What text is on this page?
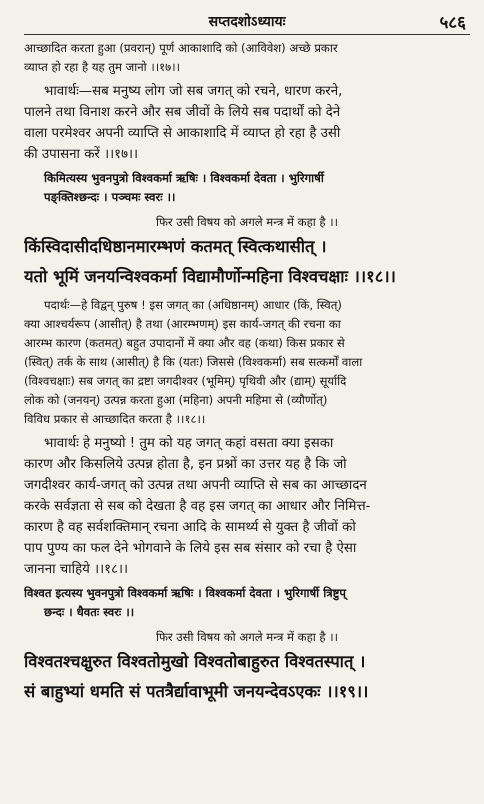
सप्तदशोऽध्यायः	५८६
आच्छादित करता हुआ (प्रवरान्) पूर्ण आकाशादि को (आविवेश) अच्छे प्रकार
व्याप्त हो रहा है यह तुम जानो ।।१७।।
भावार्थः—सब मनुष्य लोग जो सब जगत् को रचने, धारण करने,
पालने तथा विनाश करने और सब जीवों के लिये सब पदार्थों को देने
वाला परमेश्वर अपनी व्याप्ति से आकाशादि में व्याप्त हो रहा है उसी
की उपासना करें ।।१७।।
किमित्यस्य भुवनपुत्रो विश्वकर्मा ऋषिः । विश्वकर्मा देवता । भुरिगार्षी
पङ्क्तिश्छन्दः । पञ्चमः स्वरः ।।
फिर उसी विषय को अगले मन्त्र में कहा है ।।
किंस्विदासीदधिष्ठानमारम्भणं कतमत् स्वित्कथासीत् ।
यतो भूमिं जनयन्विश्वकर्मा विद्यामौर्णोन्महिना विश्वचक्षाः ।।१८।।
पदार्थः—हे विद्वन् पुरुष ! इस जगत् का (अधिष्ठानम्) आधार (किं, स्वित्)
क्या आश्चर्यरूप (आसीत्) है तथा (आरम्भणम्) इस कार्य-जगत् की रचना का
आरम्भ कारण (कतमत्) बहुत उपादानों में क्या और वह (कथा) किस प्रकार से
(स्वित्) तर्क के साथ (आसीत्) है कि (यतः) जिससे (विश्वकर्मा) सब सत्कर्मों वाला
(विश्वचक्षाः) सब जगत् का द्रष्टा जगदीश्वर (भूमिम्) पृथिवी और (द्याम्) सूर्यादि
लोक को (जनयन्) उत्पन्न करता हुआ (महिना) अपनी महिमा से (व्यौर्णोत्)
विविध प्रकार से आच्छादित करता है ।।१८।।
भावार्थः हे मनुष्यो ! तुम को यह जगत् कहां वसता क्या इसका
कारण और किसलिये उत्पन्न होता है, इन प्रश्नों का उत्तर यह है कि जो
जगदीश्वर कार्य-जगत् को उत्पन्न तथा अपनी व्याप्ति से सब का आच्छादन
करके सर्वज्ञता से सब को देखता है वह इस जगत् का आधार और निमित्त-
कारण है वह सर्वशक्तिमान् रचना आदि के सामर्थ्य से युक्त है जीवों को
पाप पुण्य का फल देने भोगवाने के लिये इस सब संसार को रचा है ऐसा
जानना चाहिये ।।१८।।
विश्वत इत्यस्य भुवनपुत्रो विश्वकर्मा ऋषिः । विश्वकर्मा देवता । भुरिगार्षी त्रिष्टुप्
छन्दः । धैवतः स्वरः ।।
फिर उसी विषय को अगले मन्त्र में कहा है ।।
विश्वतश्चक्षुरुत विश्वतोमुखो विश्वतोबाहुरुत विश्वतस्पात् ।
सं बाहुभ्यां धमति सं पतत्रैर्द्यावाभूमी जनयन्देवऽएकः ।।१९।।
